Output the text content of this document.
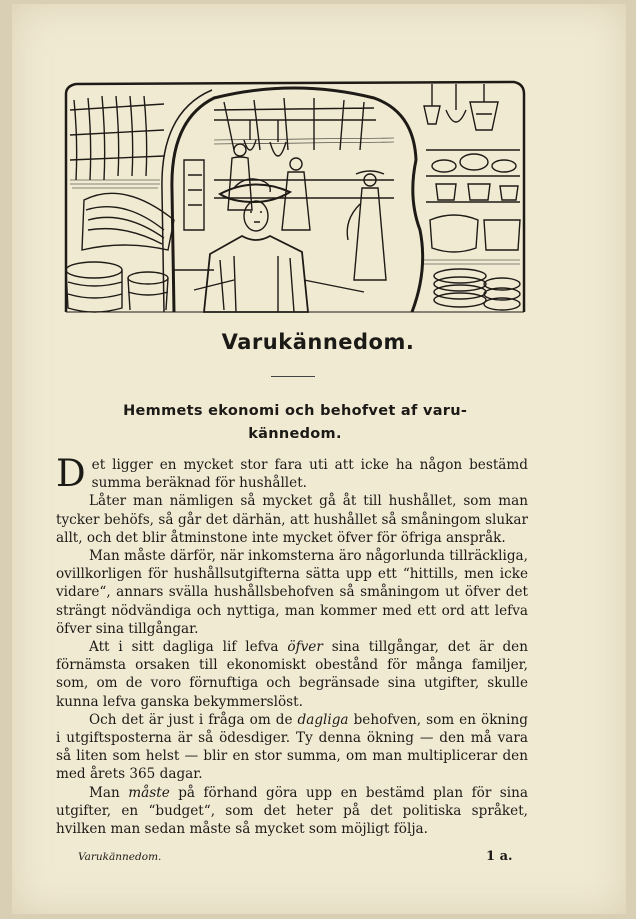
Varukännedom.
Hemmets ekonomi och behofvet af varukännedom.

Det ligger en mycket stor fara uti att icke ha någon bestämd summa beräknad för hushållet.

Låter man nämligen så mycket gå åt till hushållet, som man tycker behöfs, så går det därhän, att hushållet så småningom slukar allt, och det blir åtminstone inte mycket öfver för öfriga anspråk.

Man måste därför, när inkomsterna äro någorlunda tillräckliga, ovillkorligen för hushållsutgifterna sätta upp ett “hittills, men icke vidare“, annars svälla hushållsbehofven så småningom ut öfver det strängt nödvändiga och nyttiga, man kommer med ett ord att lefva öfver sina tillgångar.

Att i sitt dagliga lif lefva öfver sina tillgångar, det är den förnämsta orsaken till ekonomiskt obestånd för många familjer, som, om de voro förnuftiga och begränsade sina utgifter, skulle kunna lefva ganska bekymmerslöst.

Och det är just i fråga om de dagliga behofven, som en ökning i utgiftsposterna är så ödesdiger. Ty denna ökning — den må vara så liten som helst — blir en stor summa, om man multiplicerar den med årets 365 dagar.

Man måste på förhand göra upp en bestämd plan för sina utgifter, en “budget“, som det heter på det politiska språket, hvilken man sedan måste så mycket som möjligt följa.

Varukännedom.	1 a.
